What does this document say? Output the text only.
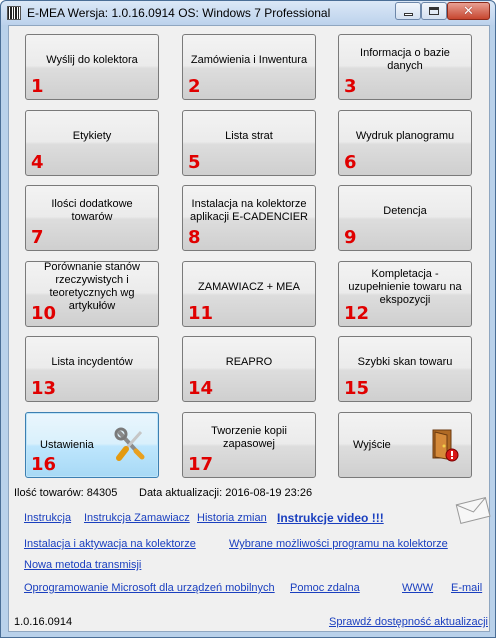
E-MEA Wersja: 1.0.16.0914 OS: Windows 7 Professional	✕
Wyślij do kolektora
1
Zamówienia i Inwentura
2
Informacja o bazie danych
3
Etykiety
4
Lista strat
5
Wydruk planogramu
6
Ilości dodatkowe towarów
7
Instalacja na kolektorze aplikacji E-CADENCIER
8
Detencja
9
Porównanie stanów rzeczywistych i teoretycznych wg artykułów
10
ZAMAWIACZ + MEA
11
Kompletacja - uzupełnienie towaru na ekspozycji
12
Lista incydentów
13
REAPRO
14
Szybki skan towaru
15
Ustawienia
16
Tworzenie kopii zapasowej
17
Wyjście
Ilość towarów: 84305 Data aktualizacji: 2016-08-19 23:26
Instrukcja Instrukcja Zamawiacz Historia zmian Instrukcje video !!!
Instalacja i aktywacja na kolektorze	Wybrane możliwości programu na kolektorze
Nowa metoda transmisji
Oprogramowanie Microsoft dla urządzeń mobilnych Pomoc zdalna	WWW E-mail
1.0.16.0914	Sprawdź dostępność aktualizacji
